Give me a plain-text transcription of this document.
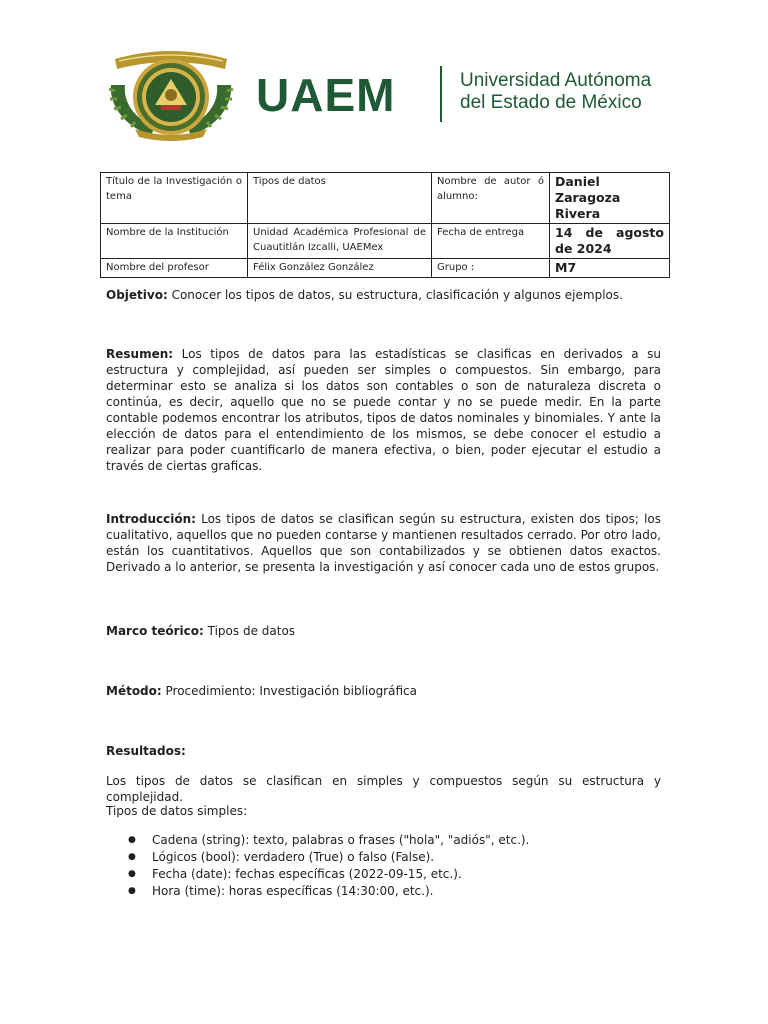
UAEM	Universidad Autónoma
del Estado de México
Título de la Investigación o tema	Tipos de datos	Nombre de autor ó alumno:	Daniel Zaragoza Rivera
Nombre de la Institución	Unidad Académica Profesional de Cuautitlán Izcalli, UAEMex	Fecha de entrega	14 de agosto de 2024
Nombre del profesor	Félix González González	Grupo :	M7

Objetivo: Conocer los tipos de datos, su estructura, clasificación y algunos ejemplos.

Resumen: Los tipos de datos para las estadísticas se clasificas en derivados a su estructura y complejidad, así pueden ser simples o compuestos. Sin embargo, para determinar esto se analiza si los datos son contables o son de naturaleza discreta o continúa, es decir, aquello que no se puede contar y no se puede medir. En la parte contable podemos encontrar los atributos, tipos de datos nominales y binomiales. Y ante la elección de datos para el entendimiento de los mismos, se debe conocer el estudio a realizar para poder cuantificarlo de manera efectiva, o bien, poder ejecutar el estudio a través de ciertas graficas.

Introducción: Los tipos de datos se clasifican según su estructura, existen dos tipos; los cualitativo, aquellos que no pueden contarse y mantienen resultados cerrado. Por otro lado, están los cuantitativos. Aquellos que son contabilizados y se obtienen datos exactos. Derivado a lo anterior, se presenta la investigación y así conocer cada uno de estos grupos.

Marco teórico: Tipos de datos

Método: Procedimiento: Investigación bibliográfica

Resultados:

Los tipos de datos se clasifican en simples y compuestos según su estructura y complejidad.

Tipos de datos simples:

● Cadena (string): texto, palabras o frases ("hola", "adiós", etc.).
● Lógicos (bool): verdadero (True) o falso (False).
● Fecha (date): fechas específicas (2022-09-15, etc.).
● Hora (time): horas específicas (14:30:00, etc.).
